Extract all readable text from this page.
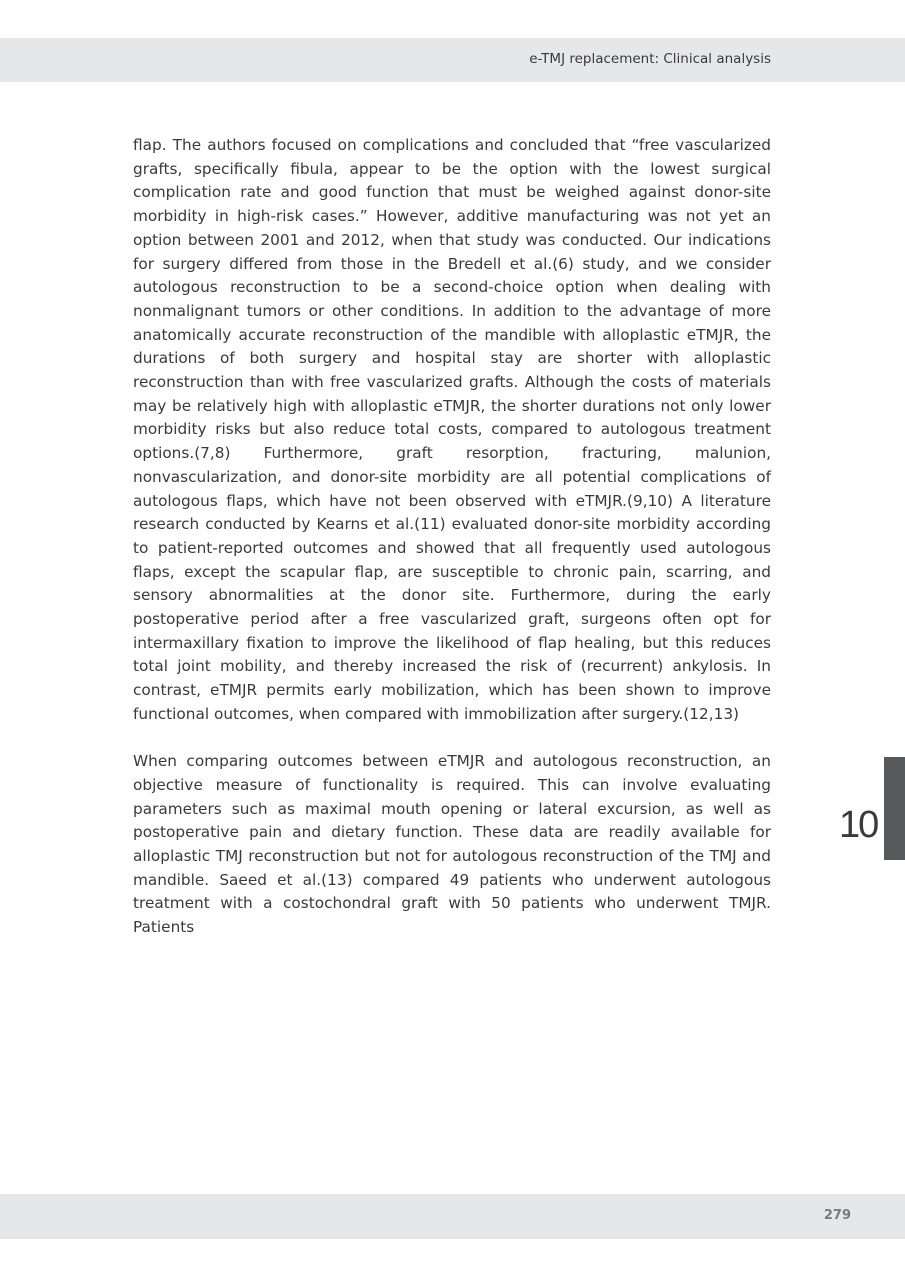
e-TMJ replacement: Clinical analysis

flap. The authors focused on complications and concluded that “free vascularized grafts, specifically fibula, appear to be the option with the lowest surgical complication rate and good function that must be weighed against donor-site morbidity in high-risk cases.” However, additive manufacturing was not yet an option between 2001 and 2012, when that study was conducted. Our indications for surgery differed from those in the Bredell et al.(6) study, and we consider autologous reconstruction to be a second-choice option when dealing with nonmalignant tumors or other conditions. In addition to the advantage of more anatomically accurate reconstruction of the mandible with alloplastic eTMJR, the durations of both surgery and hospital stay are shorter with alloplastic reconstruction than with free vascularized grafts. Although the costs of materials may be relatively high with alloplastic eTMJR, the shorter durations not only lower morbidity risks but also reduce total costs, compared to autologous treatment options.(7,8) Furthermore, graft resorption, fracturing, malunion, nonvascularization, and donor-site morbidity are all potential complications of autologous flaps, which have not been observed with eTMJR.(9,10) A literature research conducted by Kearns et al.(11) evaluated donor-site morbidity according to patient-reported outcomes and showed that all frequently used autologous flaps, except the scapular flap, are susceptible to chronic pain, scarring, and sensory abnormalities at the donor site. Furthermore, during the early postoperative period after a free vascularized graft, surgeons often opt for intermaxillary fixation to improve the likelihood of flap healing, but this reduces total joint mobility, and thereby increased the risk of (recurrent) ankylosis. In contrast, eTMJR permits early mobilization, which has been shown to improve functional outcomes, when compared with immobilization after surgery.(12,13)

When comparing outcomes between eTMJR and autologous reconstruction, an objective measure of functionality is required. This can involve evaluating parameters such as maximal mouth opening or lateral excursion, as well as postoperative pain and dietary function. These data are readily available for alloplastic TMJ reconstruction but not for autologous reconstruction of the TMJ and mandible. Saeed et al.(13) compared 49 patients who underwent autologous treatment with a costochondral graft with 50 patients who underwent TMJR. Patients

10
279
